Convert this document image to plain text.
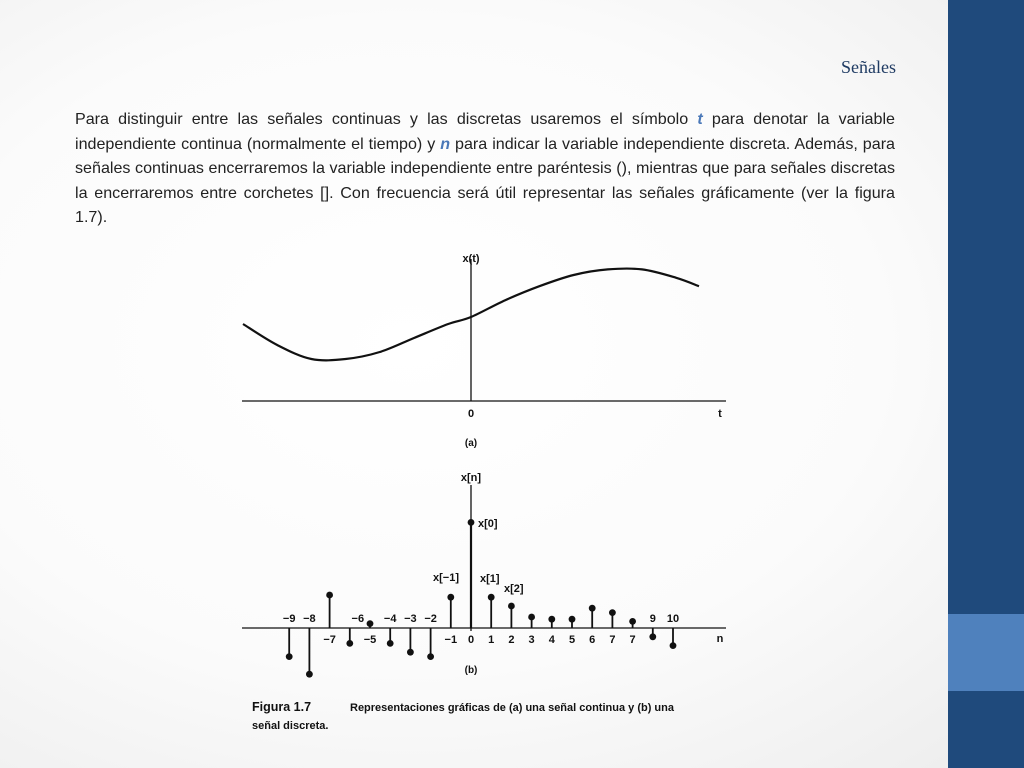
Señales

Para distinguir entre las señales continuas y las discretas usaremos el símbolo t para denotar la variable independiente continua (normalmente el tiempo) y n para indicar la variable independiente discreta. Además, para señales continuas encerraremos la variable independiente entre paréntesis (), mientras que para señales discretas la encerraremos entre corchetes []. Con frecuencia será útil representar las señales gráficamente (ver la figura 1.7).

x(t)
0	t
(a)
x[n]
n
(b)
−9 −8
−7
−6
−5
−4 −3 −2
−1 0 1 2 3 4 5 6 7 7
9 10
x[0]
x[−1] x[1]
x[2]
Figura 1.7	Representaciones gráficas de (a) una señal continua y (b) una
señal discreta.
